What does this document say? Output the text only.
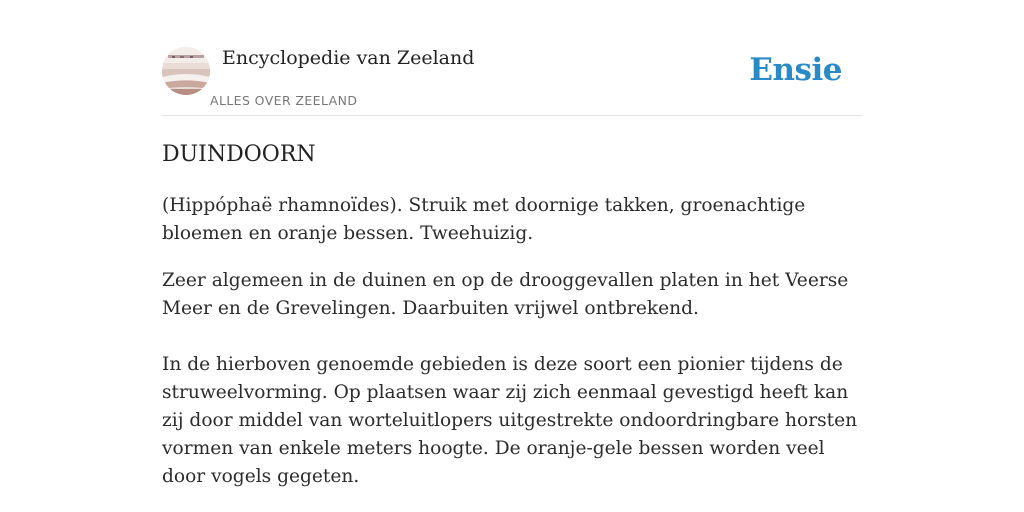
Encyclopedie van Zeeland
ALLES OVER ZEELAND
Ensie
DUINDOORN

(Hippóphaë rhamnoïdes). Struik met doornige takken, groenachtige bloemen en oranje bessen. Tweehuizig.

Zeer algemeen in de duinen en op de drooggevallen platen in het Veerse Meer en de Grevelingen. Daarbuiten vrijwel ontbrekend.

In de hierboven genoemde gebieden is deze soort een pionier tijdens de struweelvorming. Op plaatsen waar zij zich eenmaal gevestigd heeft kan zij door middel van worteluitlopers uitgestrekte ondoordringbare horsten vormen van enkele meters hoogte. De oranje-gele bessen worden veel door vogels gegeten.
